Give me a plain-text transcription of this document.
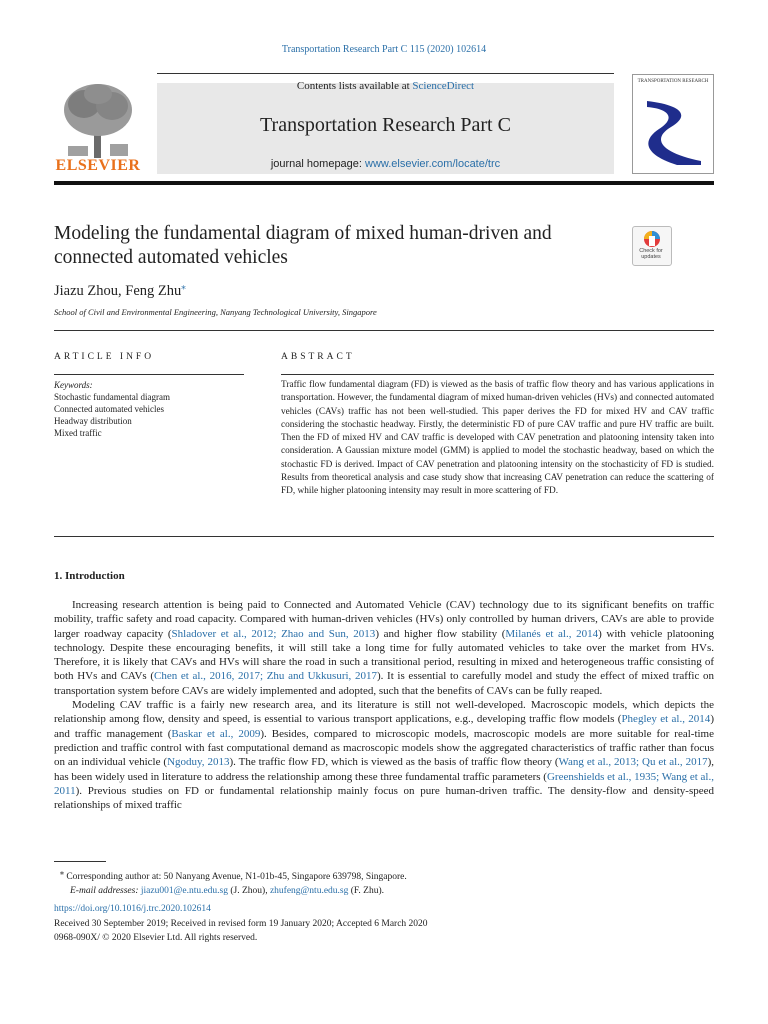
Transportation Research Part C 115 (2020) 102614
ELSEVIER
Contents lists available at ScienceDirect
Transportation Research Part C
journal homepage: www.elsevier.com/locate/trc
TRANSPORTATION RESEARCH
Modeling the fundamental diagram of mixed human-driven and connected automated vehicles	Check for updates
Jiazu Zhou, Feng Zhu⁎
School of Civil and Environmental Engineering, Nanyang Technological University, Singapore
ARTICLE INFO	ABSTRACT
Keywords:
Stochastic fundamental diagram
Connected automated vehicles
Headway distribution
Mixed traffic
Traffic flow fundamental diagram (FD) is viewed as the basis of traffic flow theory and has various applications in transportation. However, the fundamental diagram of mixed human-driven vehicles (HVs) and connected automated vehicles (CAVs) traffic has not been well-studied. This paper derives the FD for mixed HV and CAV traffic considering the stochastic headway. Firstly, the deterministic FD of pure CAV traffic and pure HV traffic are built. Then the FD of mixed HV and CAV traffic is developed with CAV penetration and platooning intensity taken into consideration. A Gaussian mixture model (GMM) is applied to model the stochastic headway, based on which the stochastic FD is derived. Impact of CAV penetration and platooning intensity on the stochasticity of FD is studied. Results from theoretical analysis and case study show that increasing CAV penetration can reduce the scattering of FD, while higher platooning intensity may result in more scattering of FD.
1. Introduction

Increasing research attention is being paid to Connected and Automated Vehicle (CAV) technology due to its significant benefits on traffic mobility, traffic safety and road capacity. Compared with human-driven vehicles (HVs) only controlled by human drivers, CAVs are able to provide larger roadway capacity (Shladover et al., 2012; Zhao and Sun, 2013) and higher flow stability (Milanés et al., 2014) with vehicle platooning technology. Despite these encouraging benefits, it will still take a long time for fully automated vehicles to take over the market from HVs. Therefore, it is likely that CAVs and HVs will share the road in such a transitional period, resulting in mixed and heterogeneous traffic consisting of both HVs and CAVs (Chen et al., 2016, 2017; Zhu and Ukkusuri, 2017). It is essential to carefully model and study the effect of mixed traffic on transportation system before CAVs are widely implemented and adopted, such that the benefits of CAVs can be fully reaped.

Modeling CAV traffic is a fairly new research area, and its literature is still not well-developed. Macroscopic models, which depicts the relationship among flow, density and speed, is essential to various transport applications, e.g., developing traffic flow models (Phegley et al., 2014) and traffic management (Baskar et al., 2009). Besides, compared to microscopic models, macroscopic models are more suitable for real-time prediction and traffic control with fast computational demand as macroscopic models show the aggregated characteristics of traffic rather than focus on an individual vehicle (Ngoduy, 2013). The traffic flow FD, which is viewed as the basis of traffic flow theory (Wang et al., 2013; Qu et al., 2017), has been widely used in literature to address the relationship among these three fundamental traffic parameters (Greenshields et al., 1935; Wang et al., 2011). Previous studies on FD or fundamental relationship mainly focus on pure human-driven traffic. The density-flow and density-speed relationships of mixed traffic

⁎ Corresponding author at: 50 Nanyang Avenue, N1-01b-45, Singapore 639798, Singapore.
E-mail addresses: jiazu001@e.ntu.edu.sg (J. Zhou), zhufeng@ntu.edu.sg (F. Zhu).
https://doi.org/10.1016/j.trc.2020.102614
Received 30 September 2019; Received in revised form 19 January 2020; Accepted 6 March 2020
0968-090X/ © 2020 Elsevier Ltd. All rights reserved.
